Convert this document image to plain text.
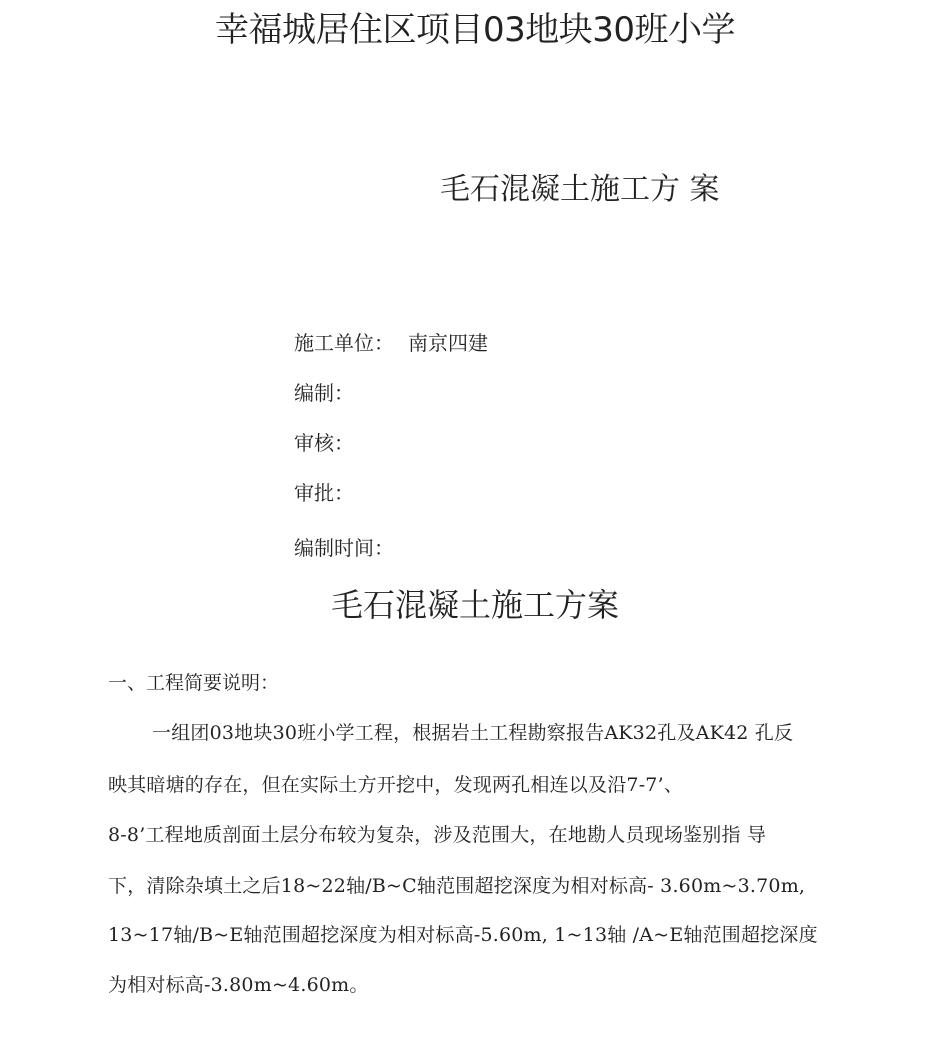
幸福城居住区项目03地块30班小学
毛石混凝土施工方 案
施工单位： 南京四建
编制：
审核：
审批：
编制时间：
毛石混凝土施工方案
一、工程简要说明：
一组团03地块30班小学工程，根据岩土工程勘察报告AK32孔及AK42 孔反
映其暗塘的存在，但在实际土方开挖中，发现两孔相连以及沿7-7’、
8-8’工程地质剖面土层分布较为复杂，涉及范围大，在地勘人员现场鉴别指 导
下，清除杂填土之后18~22轴/B~C轴范围超挖深度为相对标高- 3.60m~3.70m,
13~17轴/B~E轴范围超挖深度为相对标高-5.60m, 1~13轴 /A~E轴范围超挖深度
为相对标高-3.80m~4.60m。
